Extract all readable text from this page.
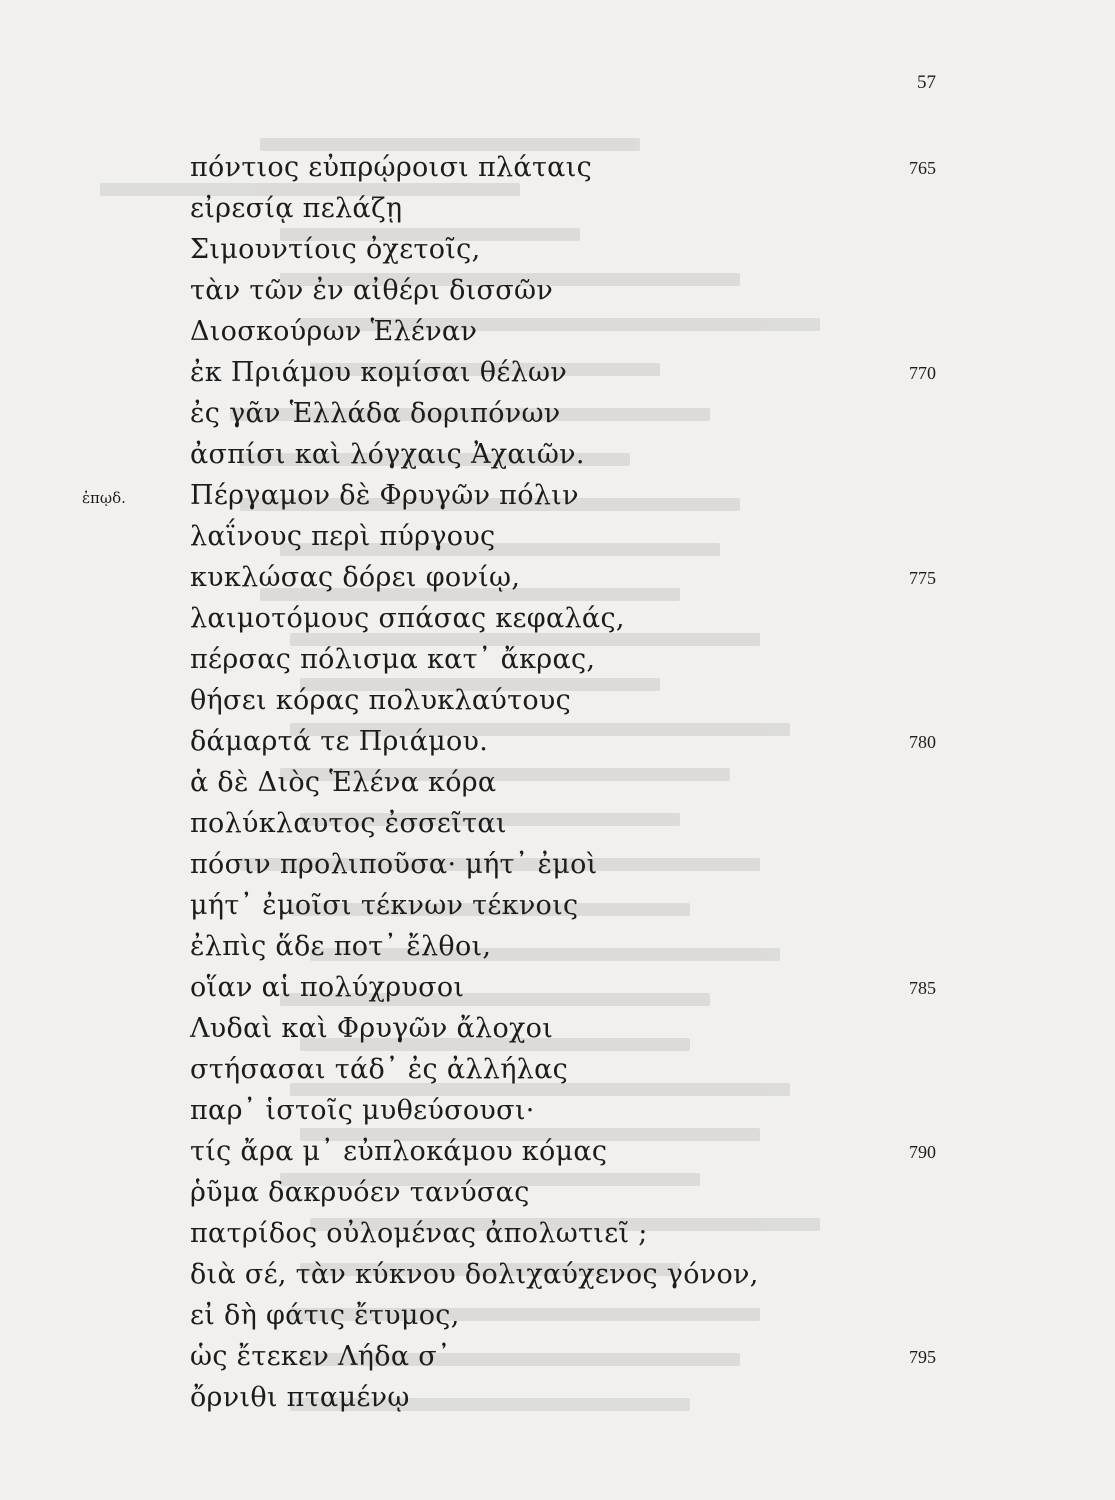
57
ἐπῳδ.
πόντιος εὐπρῴροισι πλάταις	765
εἰρεσίᾳ πελάζῃ
Σιμουντίοις ὀχετοῖς,
τὰν τῶν ἐν αἰθέρι δισσῶν
Διοσκούρων Ἑλέναν
ἐκ Πριάμου κομίσαι θέλων	770
ἐς γᾶν Ἑλλάδα δοριπόνων
ἀσπίσι καὶ λόγχαις Ἀχαιῶν.
Πέργαμον δὲ Φρυγῶν πόλιν
λαΐνους περὶ πύργους
κυκλώσας δόρει φονίῳ,	775
λαιμοτόμους σπάσας κεφαλάς,
πέρσας πόλισμα κατ᾽ ἄκρας,
θήσει κόρας πολυκλαύτους
δάμαρτά τε Πριάμου.	780
ἁ δὲ Διὸς Ἑλένα κόρα
πολύκλαυτος ἐσσεῖται
πόσιν προλιποῦσα· μήτ᾽ ἐμοὶ
μήτ᾽ ἐμοῖσι τέκνων τέκνοις
ἐλπὶς ἅδε ποτ᾽ ἔλθοι,
οἵαν αἱ πολύχρυσοι	785
Λυδαὶ καὶ Φρυγῶν ἄλοχοι
στήσασαι τάδ᾽ ἐς ἀλλήλας
παρ᾽ ἱστοῖς μυθεύσουσι·
τίς ἄρα μ᾽ εὐπλοκάμου κόμας	790
ῥῦμα δακρυόεν τανύσας
πατρίδος οὐλομένας ἀπολωτιεῖ ;
διὰ σέ, τὰν κύκνου δολιχαύχενος γόνον,
εἰ δὴ φάτις ἔτυμος,
ὡς ἔτεκεν Λήδα σ᾽	795
ὄρνιθι πταμένῳ
